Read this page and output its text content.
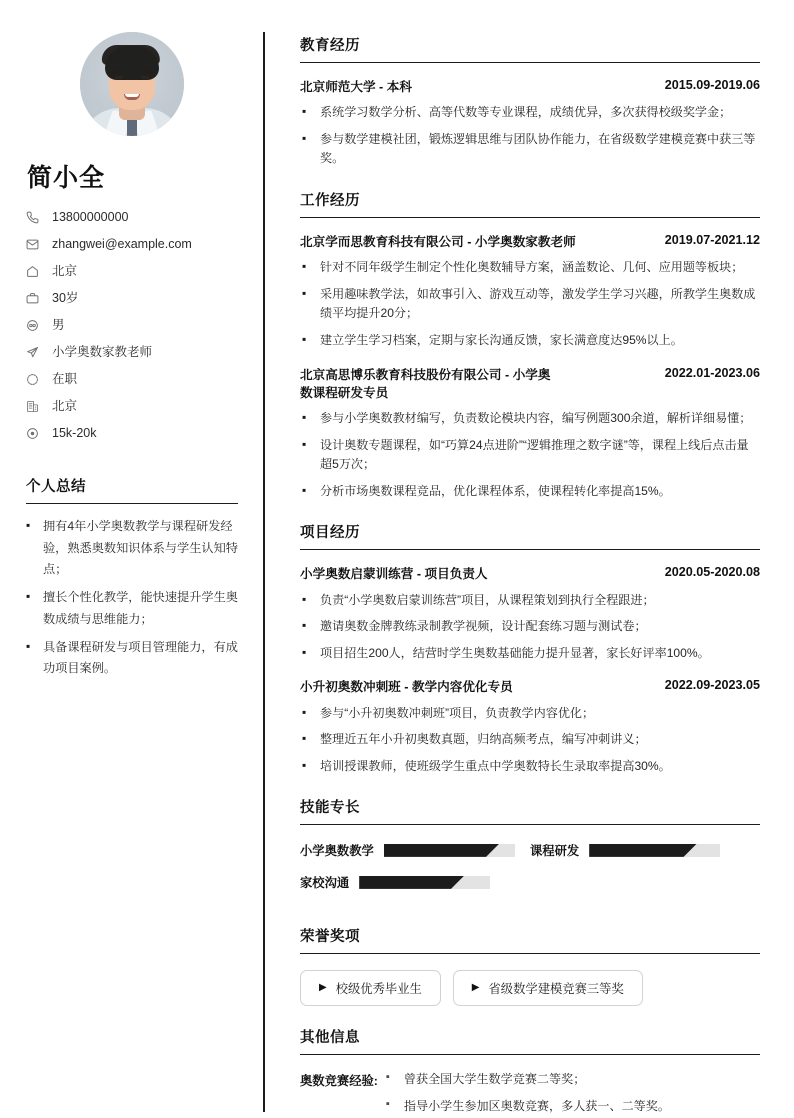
简小全
13800000000
zhangwei@example.com
北京
30岁
男
小学奥数家教老师
在职
北京
15k-20k
个人总结
▪ 拥有4年小学奥数教学与课程研发经验，熟悉奥数知识体系与学生认知特点；
▪ 擅长个性化教学，能快速提升学生奥数成绩与思维能力；
▪ 具备课程研发与项目管理能力，有成功项目案例。
教育经历
北京师范大学 - 本科	2015.09-2019.06
▪ 系统学习数学分析、高等代数等专业课程，成绩优异，多次获得校级奖学金；
▪ 参与数学建模社团，锻炼逻辑思维与团队协作能力，在省级数学建模竞赛中获三等奖。
工作经历
北京学而思教育科技有限公司 - 小学奥数家教老师	2019.07-2021.12
▪ 针对不同年级学生制定个性化奥数辅导方案，涵盖数论、几何、应用题等板块；
▪ 采用趣味教学法，如故事引入、游戏互动等，激发学生学习兴趣，所教学生奥数成绩平均提升20分；
▪ 建立学生学习档案，定期与家长沟通反馈，家长满意度达95%以上。
北京高思博乐教育科技股份有限公司 - 小学奥数课程研发专员
2022.01-2023.06
▪ 参与小学奥数教材编写，负责数论模块内容，编写例题300余道，解析详细易懂；
▪ 设计奥数专题课程，如“巧算24点进阶”“逻辑推理之数字谜”等，课程上线后点击量超5万次；
▪ 分析市场奥数课程竞品，优化课程体系，使课程转化率提高15%。
项目经历
小学奥数启蒙训练营 - 项目负责人	2020.05-2020.08
▪ 负责“小学奥数启蒙训练营”项目，从课程策划到执行全程跟进；
▪ 邀请奥数金牌教练录制教学视频，设计配套练习题与测试卷；
▪ 项目招生200人，结营时学生奥数基础能力提升显著，家长好评率100%。
小升初奥数冲刺班 - 教学内容优化专员	2022.09-2023.05
▪ 参与“小升初奥数冲刺班”项目，负责教学内容优化；
▪ 整理近五年小升初奥数真题，归纳高频考点，编写冲刺讲义；
▪ 培训授课教师，使班级学生重点中学奥数特长生录取率提高30%。
技能专长
小学奥数教学	课程研发
家校沟通
荣誉奖项
▶ 校级优秀毕业生	▶ 省级数学建模竞赛三等奖
其他信息
奥数竞赛经验:	▪ 曾获全国大学生数学竞赛二等奖；
▪ 指导小学生参加区奥数竞赛，多人获一、二等奖。
